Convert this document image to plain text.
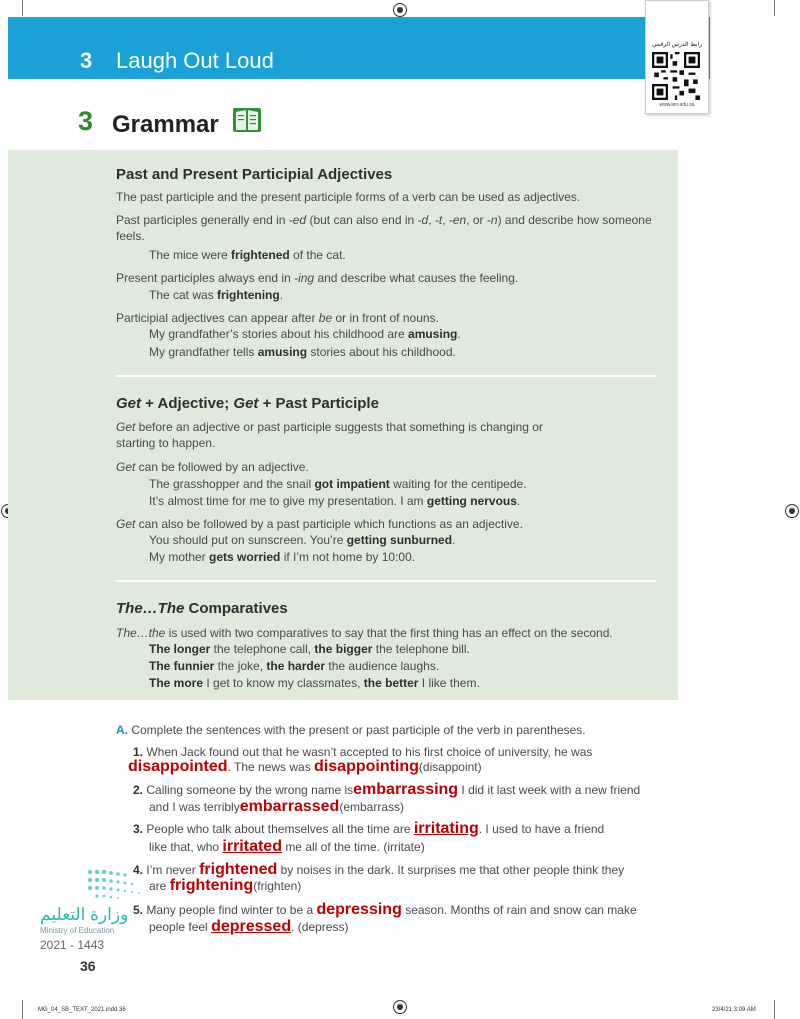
3 Laugh Out Loud
رابط الدرس الرقمي
www.ien.edu.sa
3 Grammar
Past and Present Participial Adjectives
The past participle and the present participle forms of a verb can be used as adjectives.
Past participles generally end in -ed (but can also end in -d, -t, -en, or -n) and describe how someone
feels.
The mice were frightened of the cat.
Present participles always end in -ing and describe what causes the feeling.
The cat was frightening.
Participial adjectives can appear after be or in front of nouns.
My grandfather’s stories about his childhood are amusing.
My grandfather tells amusing stories about his childhood.
Get + Adjective; Get + Past Participle
Get before an adjective or past participle suggests that something is changing or
starting to happen.
Get can be followed by an adjective.
The grasshopper and the snail got impatient waiting for the centipede.
It’s almost time for me to give my presentation. I am getting nervous.
Get can also be followed by a past participle which functions as an adjective.
You should put on sunscreen. You’re getting sunburned.
My mother gets worried if I’m not home by 10:00.
The…The Comparatives
The…the is used with two comparatives to say that the first thing has an effect on the second.
The longer the telephone call, the bigger the telephone bill.
The funnier the joke, the harder the audience laughs.
The more I get to know my classmates, the better I like them.
A. Complete the sentences with the present or past participle of the verb in parentheses.
1. When Jack found out that he wasn’t accepted to his first choice of university, he was
disappointed. The news was disappointing(disappoint)
2. Calling someone by the wrong name isembarrassing I did it last week with a new friend
and I was terriblyembarrassed(embarrass)
3. People who talk about themselves all the time are irritating. I used to have a friend
like that, who irritated me all of the time. (irritate)
4. I’m never frightened by noises in the dark. It surprises me that other people think they
are frightening(frighten)
5. Many people find winter to be a depressing season. Months of rain and snow can make
people feel depressed. (depress)
وزارة التعليم
Ministry of Education
2021 - 1443
36
MG_04_SB_TEXT_2021.indd 36	23/4/21 3:09 AM
